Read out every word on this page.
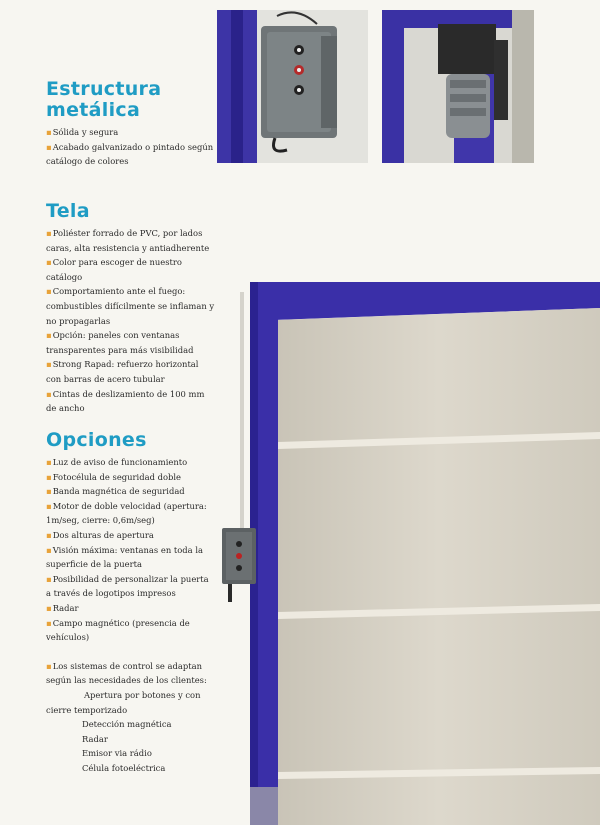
Estructura
metálica
▪Sólida y segura
▪Acabado galvanizado o pintado según catálogo de colores
Tela
▪Poliéster forrado de PVC, por lados caras, alta resistencia y antiadherente
▪Color para escoger de nuestro catálogo
▪Comportamiento ante el fuego: combustibles difícilmente se inflaman y no propagarlas
▪Opción: paneles con ventanas transparentes para más visibilidad
▪Strong Rapad: refuerzo horizontal con barras de acero tubular
▪Cintas de deslizamiento de 100 mm de ancho
Opciones
▪Luz de aviso de funcionamiento
▪Fotocélula de seguridad doble
▪Banda magnética de seguridad
▪Motor de doble velocidad (apertura: 1m/seg, cierre: 0,6m/seg)
▪Dos alturas de apertura
▪Visión máxima: ventanas en toda la superficie de la puerta
▪Posibilidad de personalizar la puerta a través de logotipos impresos
▪Radar
▪Campo magnético (presencia de vehículos)
▪Los sistemas de control se adaptan según las necesidades de los clientes:
Apertura por botones y con
cierre temporizado
Detección magnética
Radar
Emisor via rádio
Célula fotoeléctrica
